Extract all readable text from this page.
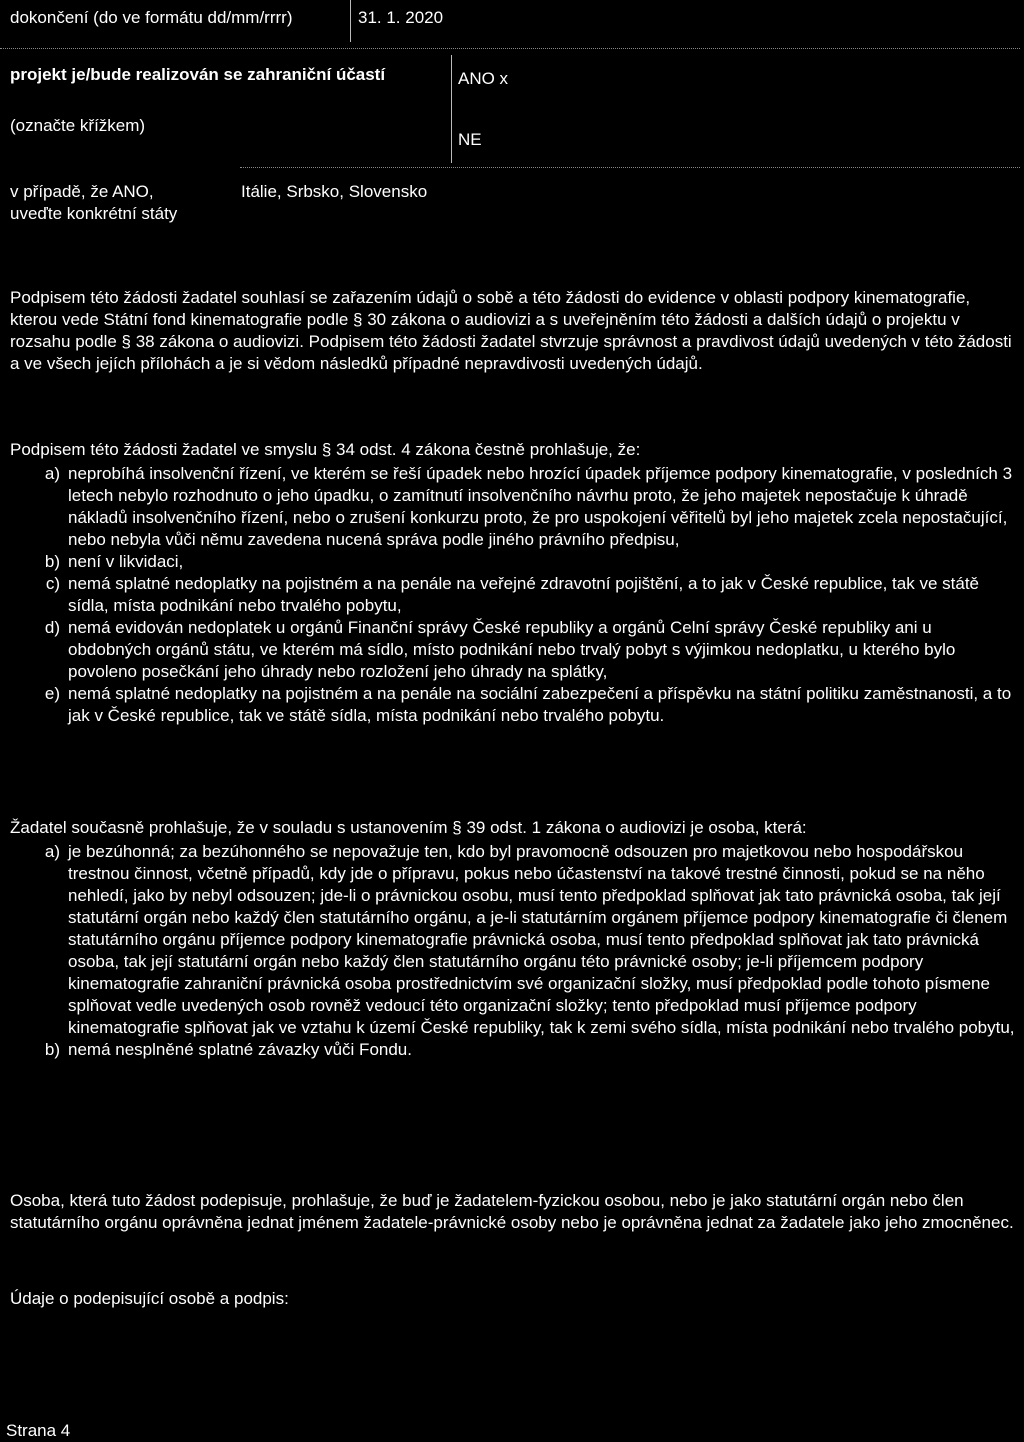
dokončení (do ve formátu dd/mm/rrrr)	31. 1. 2020
projekt je/bude realizován se zahraniční účastí
(označte křížkem)
ANO x
NE
v případě, že ANO, uveďte konkrétní státy
Itálie, Srbsko, Slovensko

Podpisem této žádosti žadatel souhlasí se zařazením údajů o sobě a této žádosti do evidence v oblasti podpory kinematografie, kterou vede Státní fond kinematografie podle § 30 zákona o audiovizi a s uveřejněním této žádosti a dalších údajů o projektu v rozsahu podle § 38 zákona o audiovizi. Podpisem této žádosti žadatel stvrzuje správnost a pravdivost údajů uvedených v této žádosti a ve všech jejích přílohách a je si vědom následků případné nepravdivosti uvedených údajů.

Podpisem této žádosti žadatel ve smyslu § 34 odst. 4 zákona čestně prohlašuje, že:
a) neprobíhá insolvenční řízení, ve kterém se řeší úpadek nebo hrozící úpadek příjemce podpory kinematografie, v posledních 3 letech nebylo rozhodnuto o jeho úpadku, o zamítnutí insolvenčního návrhu proto, že jeho majetek nepostačuje k úhradě nákladů insolvenčního řízení, nebo o zrušení konkurzu proto, že pro uspokojení věřitelů byl jeho majetek zcela nepostačující, nebo nebyla vůči němu zavedena nucená správa podle jiného právního předpisu,
b) není v likvidaci,
c) nemá splatné nedoplatky na pojistném a na penále na veřejné zdravotní pojištění, a to jak v České republice, tak ve státě sídla, místa podnikání nebo trvalého pobytu,
d) nemá evidován nedoplatek u orgánů Finanční správy České republiky a orgánů Celní správy České republiky ani u obdobných orgánů státu, ve kterém má sídlo, místo podnikání nebo trvalý pobyt s výjimkou nedoplatku, u kterého bylo povoleno posečkání jeho úhrady nebo rozložení jeho úhrady na splátky,
e) nemá splatné nedoplatky na pojistném a na penále na sociální zabezpečení a příspěvku na státní politiku zaměstnanosti, a to jak v České republice, tak ve státě sídla, místa podnikání nebo trvalého pobytu.
Žadatel současně prohlašuje, že v souladu s ustanovením § 39 odst. 1 zákona o audiovizi je osoba, která:
a) je bezúhonná; za bezúhonného se nepovažuje ten, kdo byl pravomocně odsouzen pro majetkovou nebo hospodářskou trestnou činnost, včetně případů, kdy jde o přípravu, pokus nebo účastenství na takové trestné činnosti, pokud se na něho nehledí, jako by nebyl odsouzen; jde-li o právnickou osobu, musí tento předpoklad splňovat jak tato právnická osoba, tak její statutární orgán nebo každý člen statutárního orgánu, a je-li statutárním orgánem příjemce podpory kinematografie či členem statutárního orgánu příjemce podpory kinematografie právnická osoba, musí tento předpoklad splňovat jak tato právnická osoba, tak její statutární orgán nebo každý člen statutárního orgánu této právnické osoby; je-li příjemcem podpory kinematografie zahraniční právnická osoba prostřednictvím své organizační složky, musí předpoklad podle tohoto písmene splňovat vedle uvedených osob rovněž vedoucí této organizační složky; tento předpoklad musí příjemce podpory kinematografie splňovat jak ve vztahu k území České republiky, tak k zemi svého sídla, místa podnikání nebo trvalého pobytu,
b) nemá nesplněné splatné závazky vůči Fondu.

Osoba, která tuto žádost podepisuje, prohlašuje, že buď je žadatelem-fyzickou osobou, nebo je jako statutární orgán nebo člen statutárního orgánu oprávněna jednat jménem žadatele-právnické osoby nebo je oprávněna jednat za žadatele jako jeho zmocněnec.

Údaje o podepisující osobě a podpis:
Strana 4
